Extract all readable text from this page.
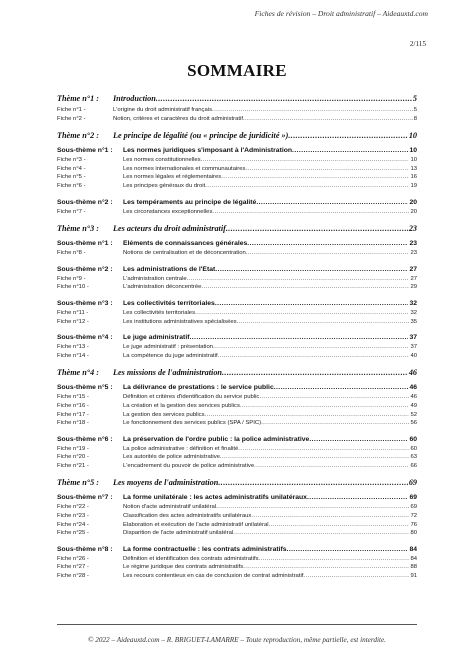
Fiches de révision – Droit administratif – Aideauxtd.com
2/115
SOMMAIRE
Thème n°1 :	Introduction .....	5
Fiche n°1 -	L'origine du droit administratif français .....	5
Fiche n°2 -	Notion, critères et caractères du droit administratif .....	8
Thème n°2 :	Le principe de légalité (ou « principe de juridicité ») .....	10
Sous-thème n°1 :	Les normes juridiques s'imposant à l'Administration .....	10
Fiche n°3 -	Les normes constitutionnelles .....	10
Fiche n°4 -	Les normes internationales et communautaires .....	13
Fiche n°5 -	Les normes légales et réglementaires .....	16
Fiche n°6 -	Les principes généraux du droit .....	19
Sous-thème n°2 :	Les tempéraments au principe de légalité .....	20
Fiche n°7 -	Les circonstances exceptionnelles .....	20
Thème n°3 :	Les acteurs du droit administratif .....	23
Sous-thème n°1 :	Éléments de connaissances générales .....	23
Fiche n°8 -	Notions de centralisation et de déconcentration .....	23
Sous-thème n°2 :	Les administrations de l'État .....	27
Fiche n°9 -	L'administration centrale .....	27
Fiche n°10 -	L'administration déconcentrée .....	29
Sous-thème n°3 :	Les collectivités territoriales .....	32
Fiche n°11 -	Les collectivités territoriales .....	32
Fiche n°12 -	Les institutions administratives spécialisées .....	35
Sous-thème n°4 :	Le juge administratif .....	37
Fiche n°13 -	Le juge administratif : présentation .....	37
Fiche n°14 -	La compétence du juge administratif .....	40
Thème n°4 :	Les missions de l'administration .....	46
Sous-thème n°5 :	La délivrance de prestations : le service public .....	46
Fiche n°15 -	Définition et critères d'identification du service public .....	46
Fiche n°16 -	La création et la gestion des services publics .....	49
Fiche n°17 -	La gestion des services publics .....	52
Fiche n°18 -	Le fonctionnement des services publics (SPA / SPIC) .....	56
Sous-thème n°6 :	La préservation de l'ordre public : la police administrative .....	60
Fiche n°19 -	La police administrative : définition et finalité .....	60
Fiche n°20 -	Les autorités de police administrative .....	63
Fiche n°21 -	L'encadrement du pouvoir de police administrative .....	66
Thème n°5 :	Les moyens de l'administration .....	69
Sous-thème n°7 :	La forme unilatérale : les actes administratifs unilatéraux .....	69
Fiche n°22 -	Notion d'acte administratif unilatéral .....	69
Fiche n°23 -	Classification des actes administratifs unilatéraux .....	72
Fiche n°24 -	Élaboration et exécution de l'acte administratif unilatéral .....	76
Fiche n°25 -	Disparition de l'acte administratif unilatéral .....	80
Sous-thème n°8 :	La forme contractuelle : les contrats administratifs .....	84
Fiche n°26 -	Définition et identification des contrats administratifs .....	84
Fiche n°27 -	Le régime juridique des contrats administratifs .....	88
Fiche n°28 -	Les recours contentieux en cas de conclusion de contrat administratif .....	91
© 2022 – Aideauxtd.com – R. BRIGUET-LAMARRE – Toute reproduction, même partielle, est interdite.
